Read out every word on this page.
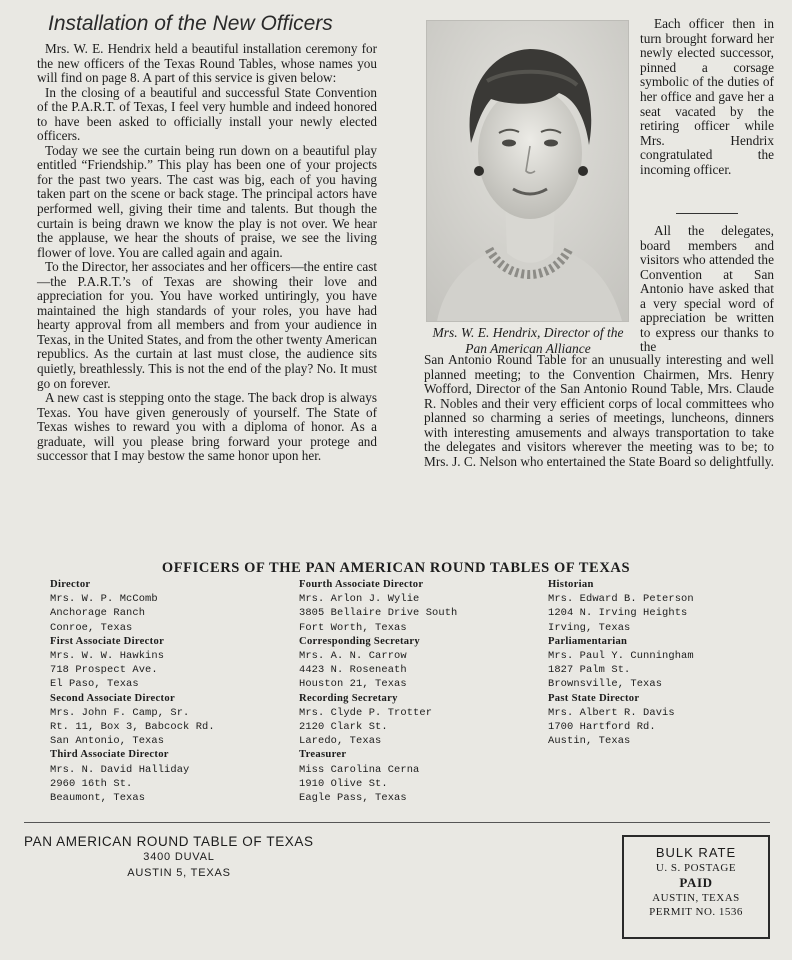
Installation of the New Officers

Mrs. W. E. Hendrix held a beautiful installation ceremony for the new officers of the Texas Round Tables, whose names you will find on page 8. A part of this service is given below:

In the closing of a beautiful and successful State Convention of the P.A.R.T. of Texas, I feel very humble and indeed honored to have been asked to officially install your newly elected officers.

Today we see the curtain being run down on a beautiful play entitled “Friendship.” This play has been one of your projects for the past two years. The cast was big, each of you having taken part on the scene or back stage. The principal actors have performed well, giving their time and talents. But though the curtain is being drawn we know the play is not over. We hear the applause, we hear the shouts of praise, we see the living flower of love. You are called again and again.

To the Director, her associates and her officers—the entire cast—the P.A.R.T.’s of Texas are showing their love and appreciation for you. You have worked untiringly, you have maintained the high standards of your roles, you have had hearty approval from all members and from your audience in Texas, in the United States, and from the other twenty American republics. As the curtain at last must close, the audience sits quietly, breathlessly. This is not the end of the play? No. It must go on forever.

A new cast is stepping onto the stage. The back drop is always Texas. You have given generously of yourself. The State of Texas wishes to reward you with a diploma of honor. As a graduate, will you please bring forward your protege and successor that I may bestow the same honor upon her.

Mrs. W. E. Hendrix, Director of the Pan American Alliance

Each officer then in turn brought forward her newly elected successor, pinned a corsage symbolic of the duties of her office and gave her a seat vacated by the retiring officer while Mrs. Hendrix congratulated the incoming officer.

All the delegates, board members and visitors who attended the Convention at San Antonio have asked that a very special word of appreciation be written to express our thanks to the

San Antonio Round Table for an unusually interesting and well planned meeting; to the Convention Chairmen, Mrs. Henry Wofford, Director of the San Antonio Round Table, Mrs. Claude R. Nobles and their very efficient corps of local committees who planned so charming a series of meetings, luncheons, dinners with interesting amusements and always transportation to take the delegates and visitors wherever the meeting was to be; to Mrs. J. C. Nelson who entertained the State Board so delightfully.

OFFICERS OF THE PAN AMERICAN ROUND TABLES OF TEXAS
Director
Mrs. W. P. McComb
Anchorage Ranch
Conroe, Texas
First Associate Director
Mrs. W. W. Hawkins
718 Prospect Ave.
El Paso, Texas
Second Associate Director
Mrs. John F. Camp, Sr.
Rt. 11, Box 3, Babcock Rd.
San Antonio, Texas
Third Associate Director
Mrs. N. David Halliday
2960 16th St.
Beaumont, Texas
Fourth Associate Director
Mrs. Arlon J. Wylie
3805 Bellaire Drive South
Fort Worth, Texas
Corresponding Secretary
Mrs. A. N. Carrow
4423 N. Roseneath
Houston 21, Texas
Recording Secretary
Mrs. Clyde P. Trotter
2120 Clark St.
Laredo, Texas
Treasurer
Miss Carolina Cerna
1910 Olive St.
Eagle Pass, Texas
Historian
Mrs. Edward B. Peterson
1204 N. Irving Heights
Irving, Texas
Parliamentarian
Mrs. Paul Y. Cunningham
1827 Palm St.
Brownsville, Texas
Past State Director
Mrs. Albert R. Davis
1700 Hartford Rd.
Austin, Texas
PAN AMERICAN ROUND TABLE OF TEXAS
3400 DUVAL
AUSTIN 5, TEXAS
BULK RATE
U. S. POSTAGE
PAID
AUSTIN, TEXAS
PERMIT NO. 1536
